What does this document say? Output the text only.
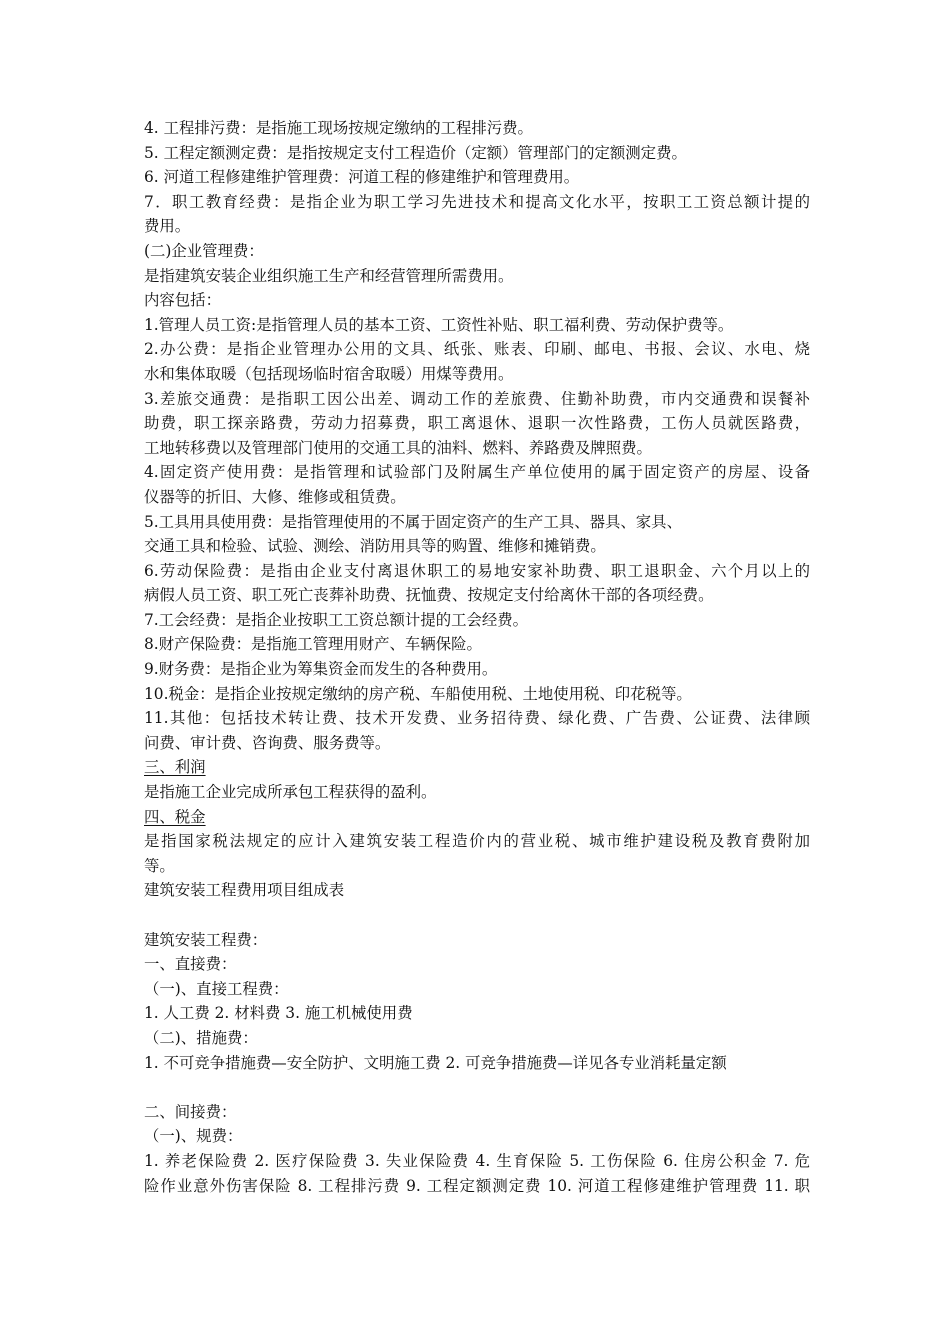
4. 工程排污费：是指施工现场按规定缴纳的工程排污费。
5. 工程定额测定费：是指按规定支付工程造价（定额）管理部门的定额测定费。
6. 河道工程修建维护管理费：河道工程的修建维护和管理费用。
7．职工教育经费：是指企业为职工学习先进技术和提高文化水平，按职工工资总额计提的
费用。
(二)企业管理费：
是指建筑安装企业组织施工生产和经营管理所需费用。
内容包括：
1.管理人员工资:是指管理人员的基本工资、工资性补贴、职工福利费、劳动保护费等。
2.办公费：是指企业管理办公用的文具、纸张、账表、印刷、邮电、书报、会议、水电、烧
水和集体取暖（包括现场临时宿舍取暖）用煤等费用。
3.差旅交通费：是指职工因公出差、调动工作的差旅费、住勤补助费，市内交通费和误餐补
助费，职工探亲路费，劳动力招募费，职工离退休、退职一次性路费，工伤人员就医路费，
工地转移费以及管理部门使用的交通工具的油料、燃料、养路费及牌照费。
4.固定资产使用费：是指管理和试验部门及附属生产单位使用的属于固定资产的房屋、设备
仪器等的折旧、大修、维修或租赁费。
5.工具用具使用费：是指管理使用的不属于固定资产的生产工具、器具、家具、
交通工具和检验、试验、测绘、消防用具等的购置、维修和摊销费。
6.劳动保险费：是指由企业支付离退休职工的易地安家补助费、职工退职金、六个月以上的
病假人员工资、职工死亡丧葬补助费、抚恤费、按规定支付给离休干部的各项经费。
7.工会经费：是指企业按职工工资总额计提的工会经费。
8.财产保险费：是指施工管理用财产、车辆保险。
9.财务费：是指企业为筹集资金而发生的各种费用。
10.税金：是指企业按规定缴纳的房产税、车船使用税、土地使用税、印花税等。
11.其他：包括技术转让费、技术开发费、业务招待费、绿化费、广告费、公证费、法律顾
问费、审计费、咨询费、服务费等。
三、利润
是指施工企业完成所承包工程获得的盈利。
四、税金
是指国家税法规定的应计入建筑安装工程造价内的营业税、城市维护建设税及教育费附加
等。
建筑安装工程费用项目组成表
建筑安装工程费：
一、直接费：
（一)、直接工程费：
1. 人工费 2. 材料费 3. 施工机械使用费
（二)、措施费：
1. 不可竞争措施费—安全防护、文明施工费 2. 可竞争措施费—详见各专业消耗量定额
二、间接费：
（一)、规费：
1. 养老保险费 2. 医疗保险费 3. 失业保险费 4. 生育保险 5. 工伤保险 6. 住房公积金 7. 危
险作业意外伤害保险 8. 工程排污费 9. 工程定额测定费 10. 河道工程修建维护管理费 11. 职
